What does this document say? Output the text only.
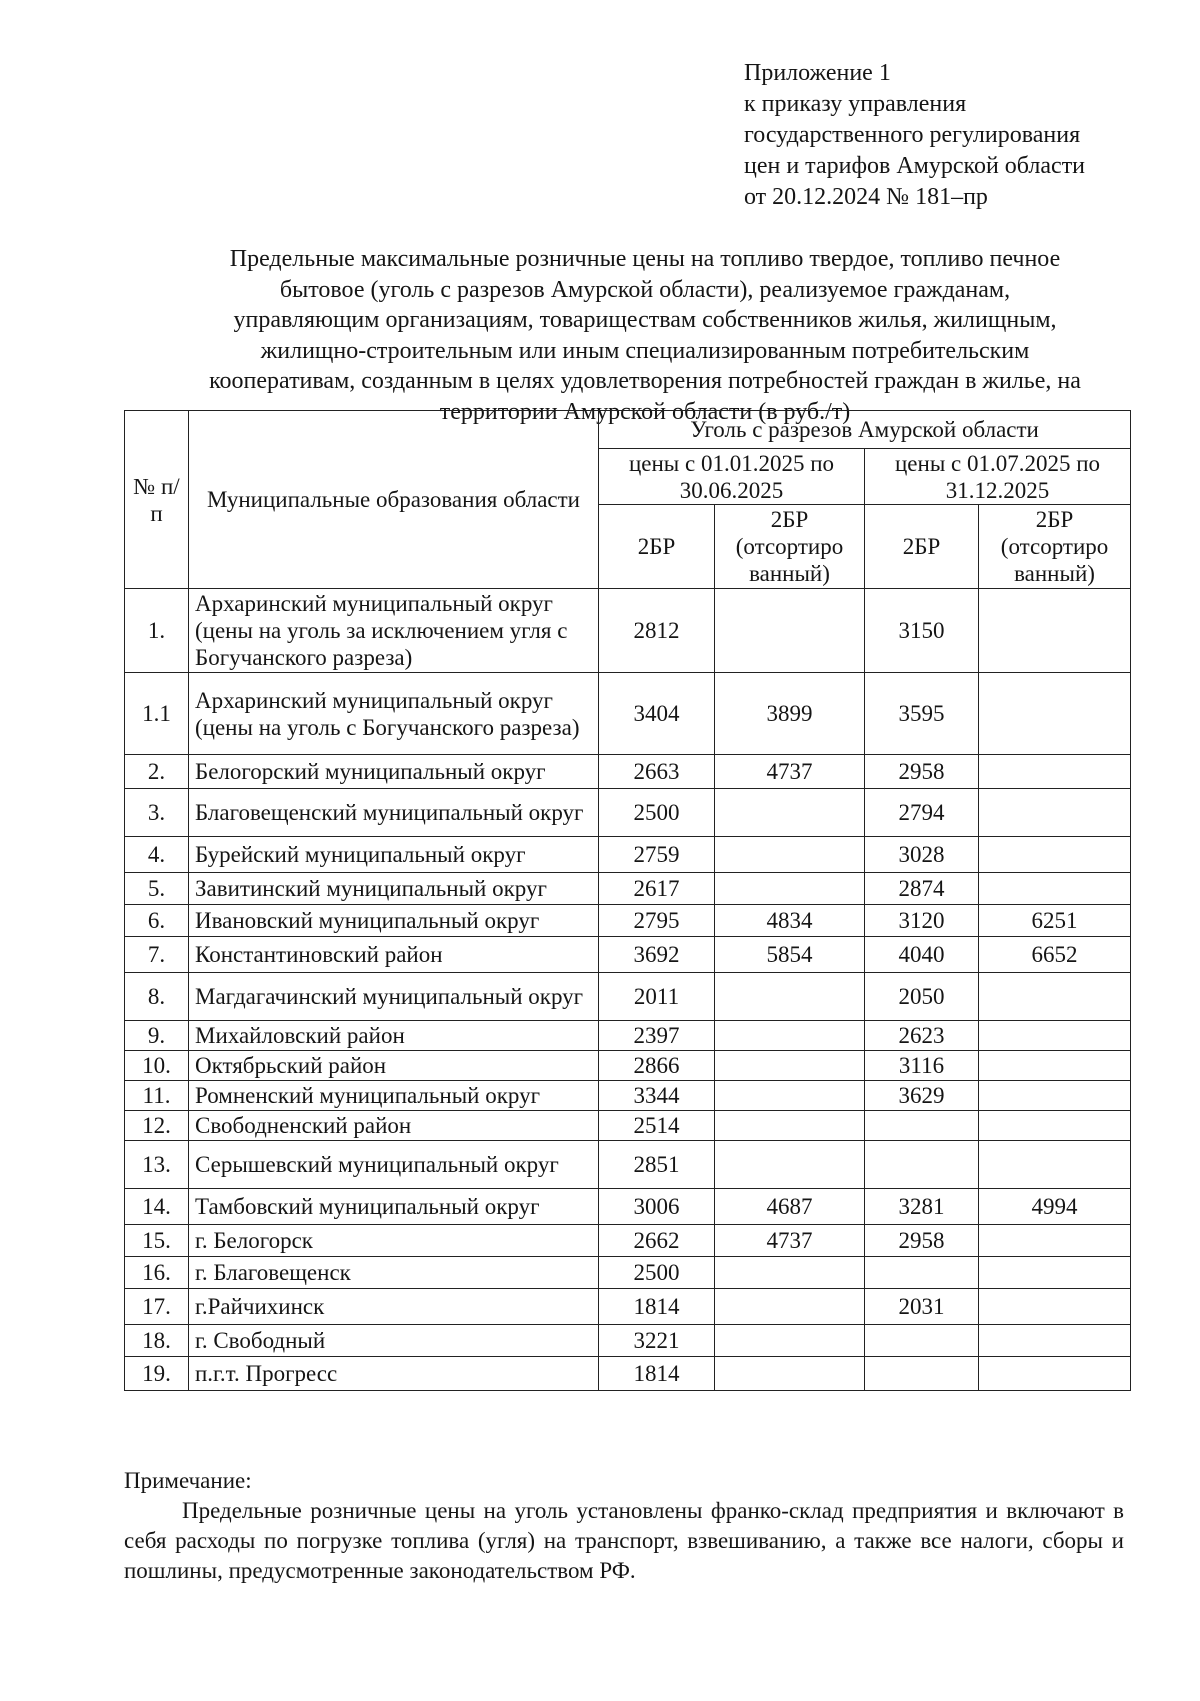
Приложение 1
к приказу управления
государственного регулирования
цен и тарифов Амурской области
от 20.12.2024 № 181–пр
Предельные максимальные розничные цены на топливо твердое, топливо печное
бытовое (уголь с разрезов Амурской области), реализуемое гражданам,
управляющим организациям, товариществам собственников жилья, жилищным,
жилищно-строительным или иным специализированным потребительским
кооперативам, созданным в целях удовлетворения потребностей граждан в жилье, на
территории Амурской области (в руб./т)
№ п/п	Муниципальные образования области	Уголь с разрезов Амурской области			
		цены с 01.01.2025 по 30.06.2025		цены с 01.07.2025 по 31.12.2025	
		2БР	2БР (отсортиро ванный)	2БР	2БР (отсортиро ванный)
1.	Архаринский муниципальный округ (цены на уголь за исключением угля с Богучанского разреза)	2812		3150	
1.1	Архаринский муниципальный округ (цены на уголь с Богучанского разреза)	3404	3899	3595	
2.	Белогорский муниципальный округ	2663	4737	2958	
3.	Благовещенский муниципальный округ	2500		2794	
4.	Бурейский муниципальный округ	2759		3028	
5.	Завитинский муниципальный округ	2617		2874	
6.	Ивановский муниципальный округ	2795	4834	3120	6251
7.	Константиновский район	3692	5854	4040	6652
8.	Магдагачинский муниципальный округ	2011		2050	
9.	Михайловский район	2397		2623	
10.	Октябрьский район	2866		3116	
11.	Ромненский муниципальный округ	3344		3629	
12.	Свободненский район	2514			
13.	Серышевский муниципальный округ	2851			
14.	Тамбовский муниципальный округ	3006	4687	3281	4994
15.	г. Белогорск	2662	4737	2958	
16.	г. Благовещенск	2500			
17.	г.Райчихинск	1814		2031	
18.	г. Свободный	3221			
19.	п.г.т. Прогресс	1814			
Примечание:
Предельные розничные цены на уголь установлены франко-склад предприятия и включают в себя расходы по погрузке топлива (угля) на транспорт, взвешиванию, а также все налоги, сборы и пошлины, предусмотренные законодательством РФ.
